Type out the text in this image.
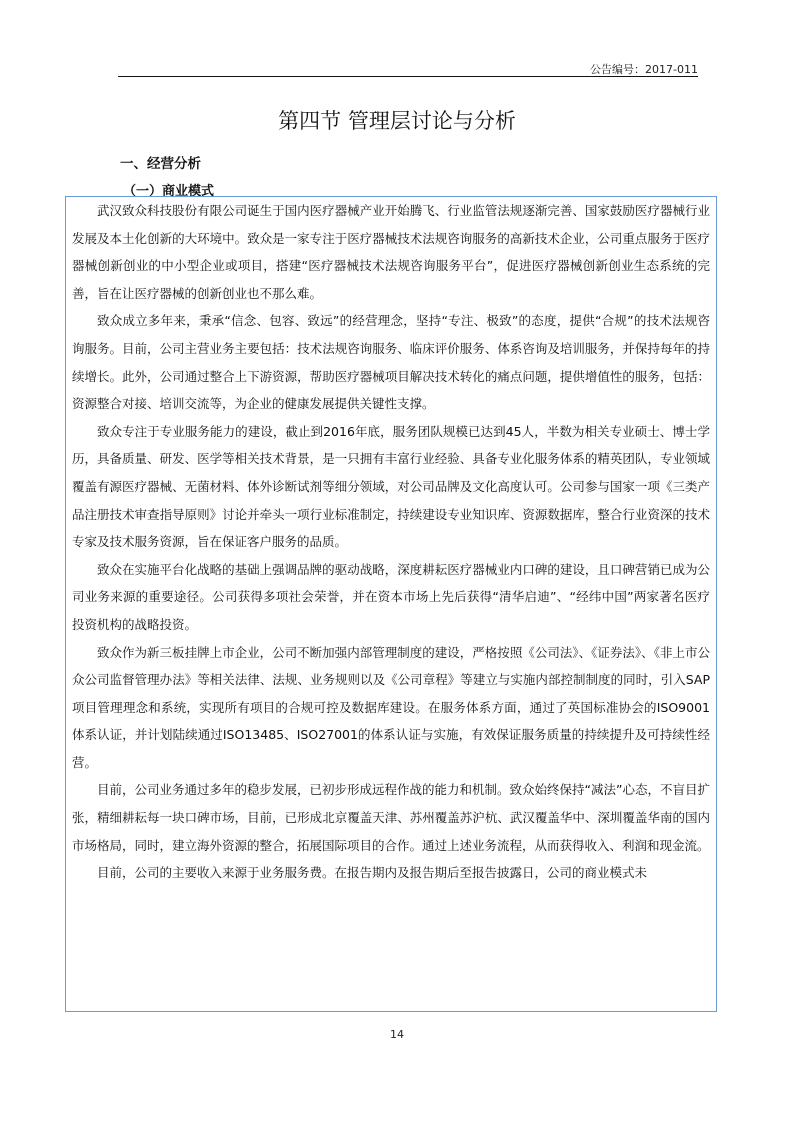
公告编号：2017-011
第四节 管理层讨论与分析
一、经营分析
（一）商业模式

武汉致众科技股份有限公司诞生于国内医疗器械产业开始腾飞、行业监管法规逐渐完善、国家鼓励医疗器械行业发展及本土化创新的大环境中。致众是一家专注于医疗器械技术法规咨询服务的高新技术企业，公司重点服务于医疗器械创新创业的中小型企业或项目，搭建“医疗器械技术法规咨询服务平台”，促进医疗器械创新创业生态系统的完善，旨在让医疗器械的创新创业也不那么难。

致众成立多年来，秉承“信念、包容、致远”的经营理念，坚持“专注、极致”的态度，提供“合规”的技术法规咨询服务。目前，公司主营业务主要包括：技术法规咨询服务、临床评价服务、体系咨询及培训服务，并保持每年的持续增长。此外，公司通过整合上下游资源，帮助医疗器械项目解决技术转化的痛点问题，提供增值性的服务，包括：资源整合对接、培训交流等，为企业的健康发展提供关键性支撑。

致众专注于专业服务能力的建设，截止到2016年底，服务团队规模已达到45人，半数为相关专业硕士、博士学历，具备质量、研发、医学等相关技术背景，是一只拥有丰富行业经验、具备专业化服务体系的精英团队，专业领域覆盖有源医疗器械、无菌材料、体外诊断试剂等细分领域，对公司品牌及文化高度认可。公司参与国家一项《三类产品注册技术审查指导原则》讨论并牵头一项行业标准制定，持续建设专业知识库、资源数据库，整合行业资深的技术专家及技术服务资源，旨在保证客户服务的品质。

致众在实施平台化战略的基础上强调品牌的驱动战略，深度耕耘医疗器械业内口碑的建设，且口碑营销已成为公司业务来源的重要途径。公司获得多项社会荣誉，并在资本市场上先后获得“清华启迪”、“经纬中国”两家著名医疗投资机构的战略投资。

致众作为新三板挂牌上市企业，公司不断加强内部管理制度的建设，严格按照《公司法》、《证券法》、《非上市公众公司监督管理办法》等相关法律、法规、业务规则以及《公司章程》等建立与实施内部控制制度的同时，引入SAP 项目管理理念和系统，实现所有项目的合规可控及数据库建设。在服务体系方面，通过了英国标准协会的ISO9001体系认证，并计划陆续通过ISO13485、ISO27001的体系认证与实施，有效保证服务质量的持续提升及可持续性经营。

目前，公司业务通过多年的稳步发展，已初步形成远程作战的能力和机制。致众始终保持“减法”心态，不盲目扩张，精细耕耘每一块口碑市场，目前，已形成北京覆盖天津、苏州覆盖苏沪杭、武汉覆盖华中、深圳覆盖华南的国内市场格局，同时，建立海外资源的整合，拓展国际项目的合作。通过上述业务流程，从而获得收入、利润和现金流。

目前，公司的主要收入来源于业务服务费。在报告期内及报告期后至报告披露日，公司的商业模式未

14
